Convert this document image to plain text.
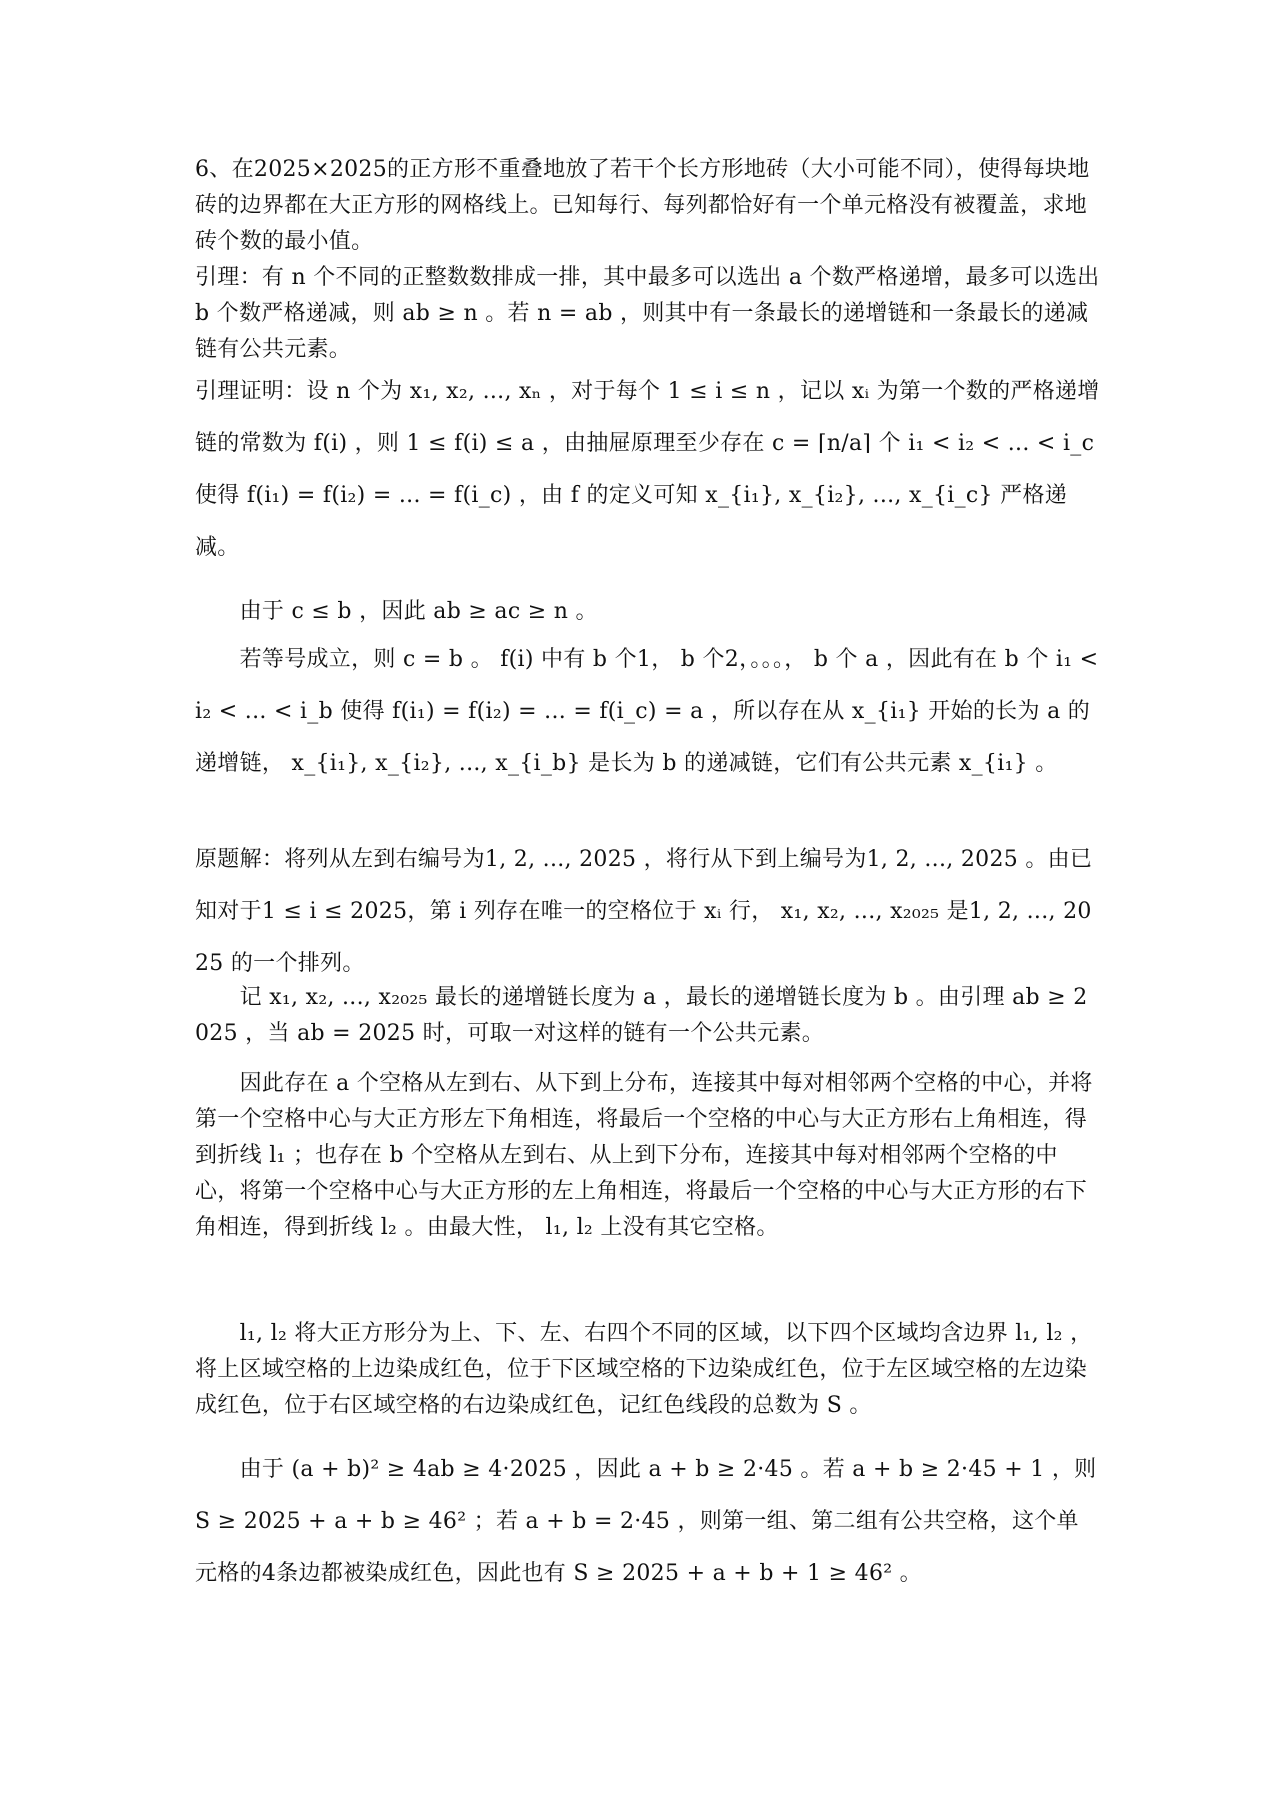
6、在2025×2025的正方形不重叠地放了若干个长方形地砖（大小可能不同），使得每块地砖的边界都在大正方形的网格线上。已知每行、每列都恰好有一个单元格没有被覆盖，求地砖个数的最小值。

引理：有 n 个不同的正整数数排成一排，其中最多可以选出 a 个数严格递增，最多可以选出 b 个数严格递减，则 ab ≥ n 。若 n = ab ，则其中有一条最长的递增链和一条最长的递减链有公共元素。

引理证明：设 n 个为 x₁, x₂, ..., xₙ ，对于每个 1 ≤ i ≤ n ，记以 xᵢ 为第一个数的严格递增链的常数为 f(i) ，则 1 ≤ f(i) ≤ a ，由抽屉原理至少存在 c = ⌈n/a⌉ 个 i₁ < i₂ < ... < i_c 使得 f(i₁) = f(i₂) = ... = f(i_c) ，由 f 的定义可知 x_{i₁}, x_{i₂}, ..., x_{i_c} 严格递减。

　　由于 c ≤ b ，因此 ab ≥ ac ≥ n 。

　　若等号成立，则 c = b 。 f(i) 中有 b 个1， b 个2，。。。， b 个 a ，因此有在 b 个 i₁ < i₂ < ... < i_b 使得 f(i₁) = f(i₂) = ... = f(i_c) = a ，所以存在从 x_{i₁} 开始的长为 a 的递增链， x_{i₁}, x_{i₂}, ..., x_{i_b} 是长为 b 的递减链，它们有公共元素 x_{i₁} 。

原题解：将列从左到右编号为1, 2, ..., 2025 ，将行从下到上编号为1, 2, ..., 2025 。由已知对于1 ≤ i ≤ 2025，第 i 列存在唯一的空格位于 xᵢ 行， x₁, x₂, ..., x₂₀₂₅ 是1, 2, ..., 2025 的一个排列。

　　记 x₁, x₂, ..., x₂₀₂₅ 最长的递增链长度为 a ，最长的递增链长度为 b 。由引理 ab ≥ 2025 ，当 ab = 2025 时，可取一对这样的链有一个公共元素。

　　因此存在 a 个空格从左到右、从下到上分布，连接其中每对相邻两个空格的中心，并将第一个空格中心与大正方形左下角相连，将最后一个空格的中心与大正方形右上角相连，得到折线 l₁ ；也存在 b 个空格从左到右、从上到下分布，连接其中每对相邻两个空格的中心，将第一个空格中心与大正方形的左上角相连，将最后一个空格的中心与大正方形的右下角相连，得到折线 l₂ 。由最大性， l₁, l₂ 上没有其它空格。

　　l₁, l₂ 将大正方形分为上、下、左、右四个不同的区域，以下四个区域均含边界 l₁, l₂ ，将上区域空格的上边染成红色，位于下区域空格的下边染成红色，位于左区域空格的左边染成红色，位于右区域空格的右边染成红色，记红色线段的总数为 S 。

　　由于 (a + b)² ≥ 4ab ≥ 4·2025 ，因此 a + b ≥ 2·45 。若 a + b ≥ 2·45 + 1 ，则 S ≥ 2025 + a + b ≥ 46² ；若 a + b = 2·45 ，则第一组、第二组有公共空格，这个单元格的4条边都被染成红色，因此也有 S ≥ 2025 + a + b + 1 ≥ 46² 。
